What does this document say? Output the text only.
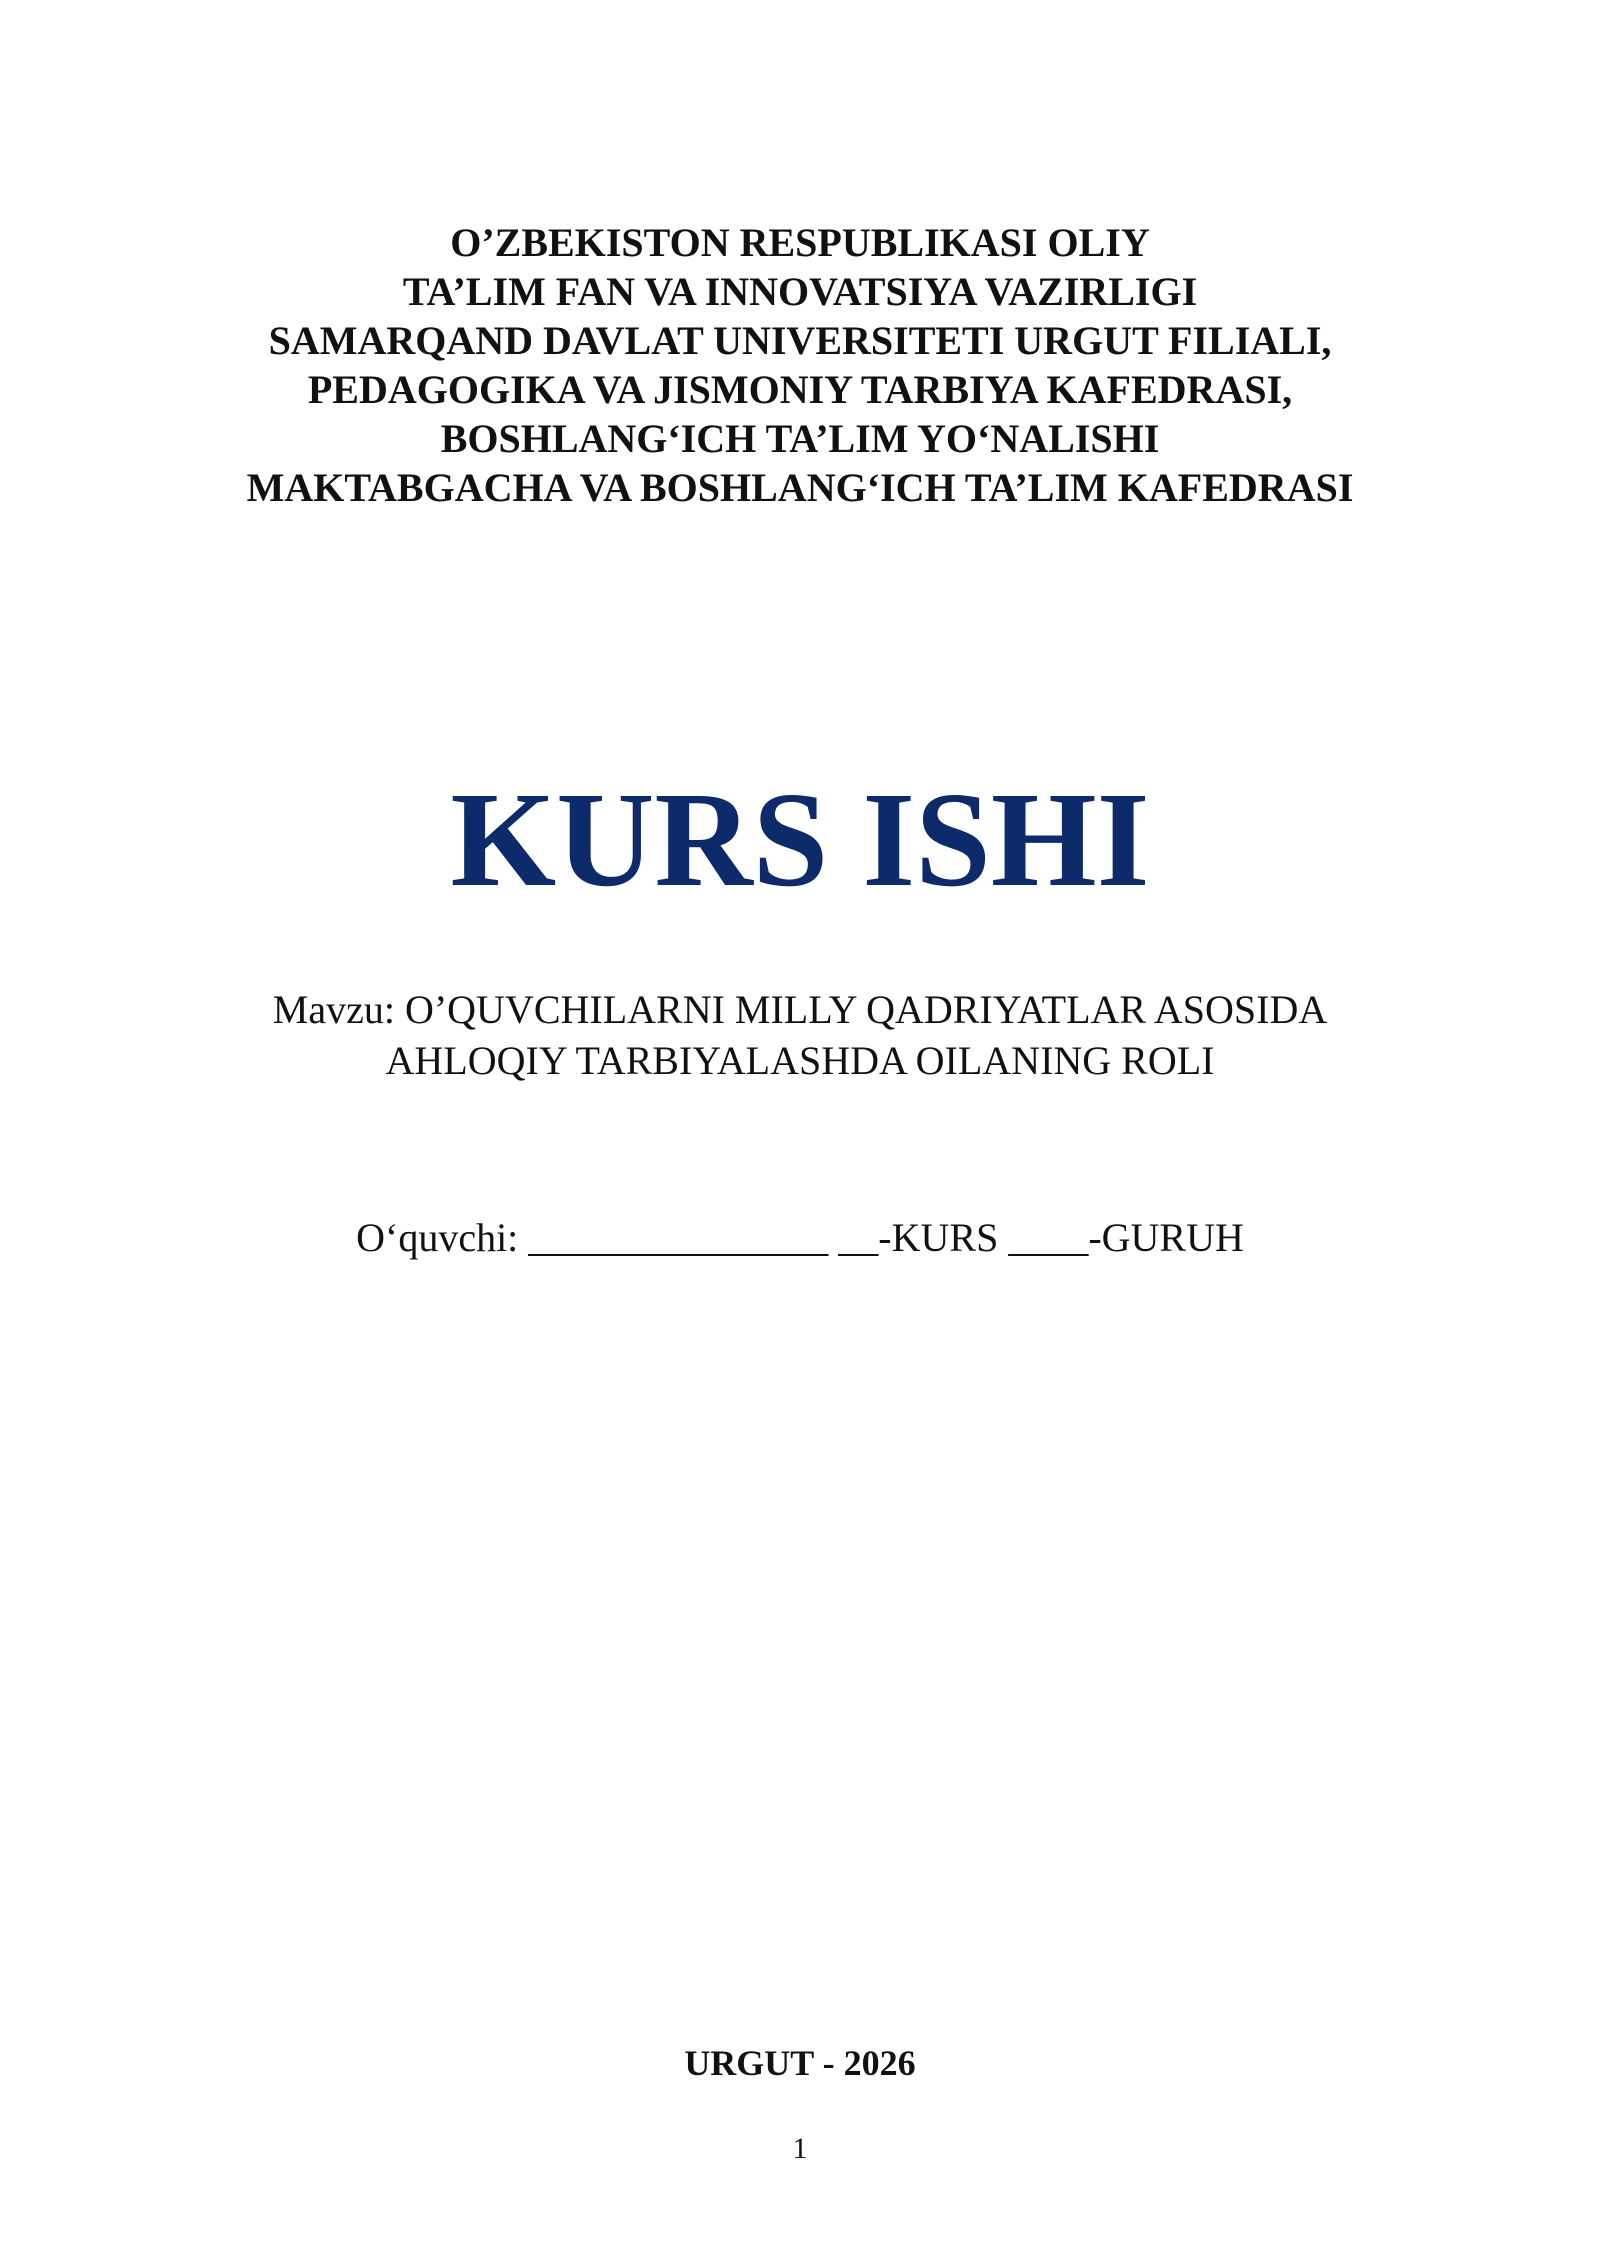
O’ZBEKISTON RESPUBLIKASI OLIY
TA’LIM FAN VA INNOVATSIYA VAZIRLIGI
SAMARQAND DAVLAT UNIVERSITETI URGUT FILIALI,
PEDAGOGIKA VA JISMONIY TARBIYA KAFEDRASI,
BOSHLANG‘ICH TA’LIM YO‘NALISHI
MAKTABGACHA VA BOSHLANG‘ICH TA’LIM KAFEDRASI
KURS ISHI
Mavzu: O’QUVCHILARNI MILLY QADRIYATLAR ASOSIDA
AHLOQIY TARBIYALASHDA OILANING ROLI
O‘quvchi: _______________ __-KURS ____-GURUH
URGUT - 2026
1
